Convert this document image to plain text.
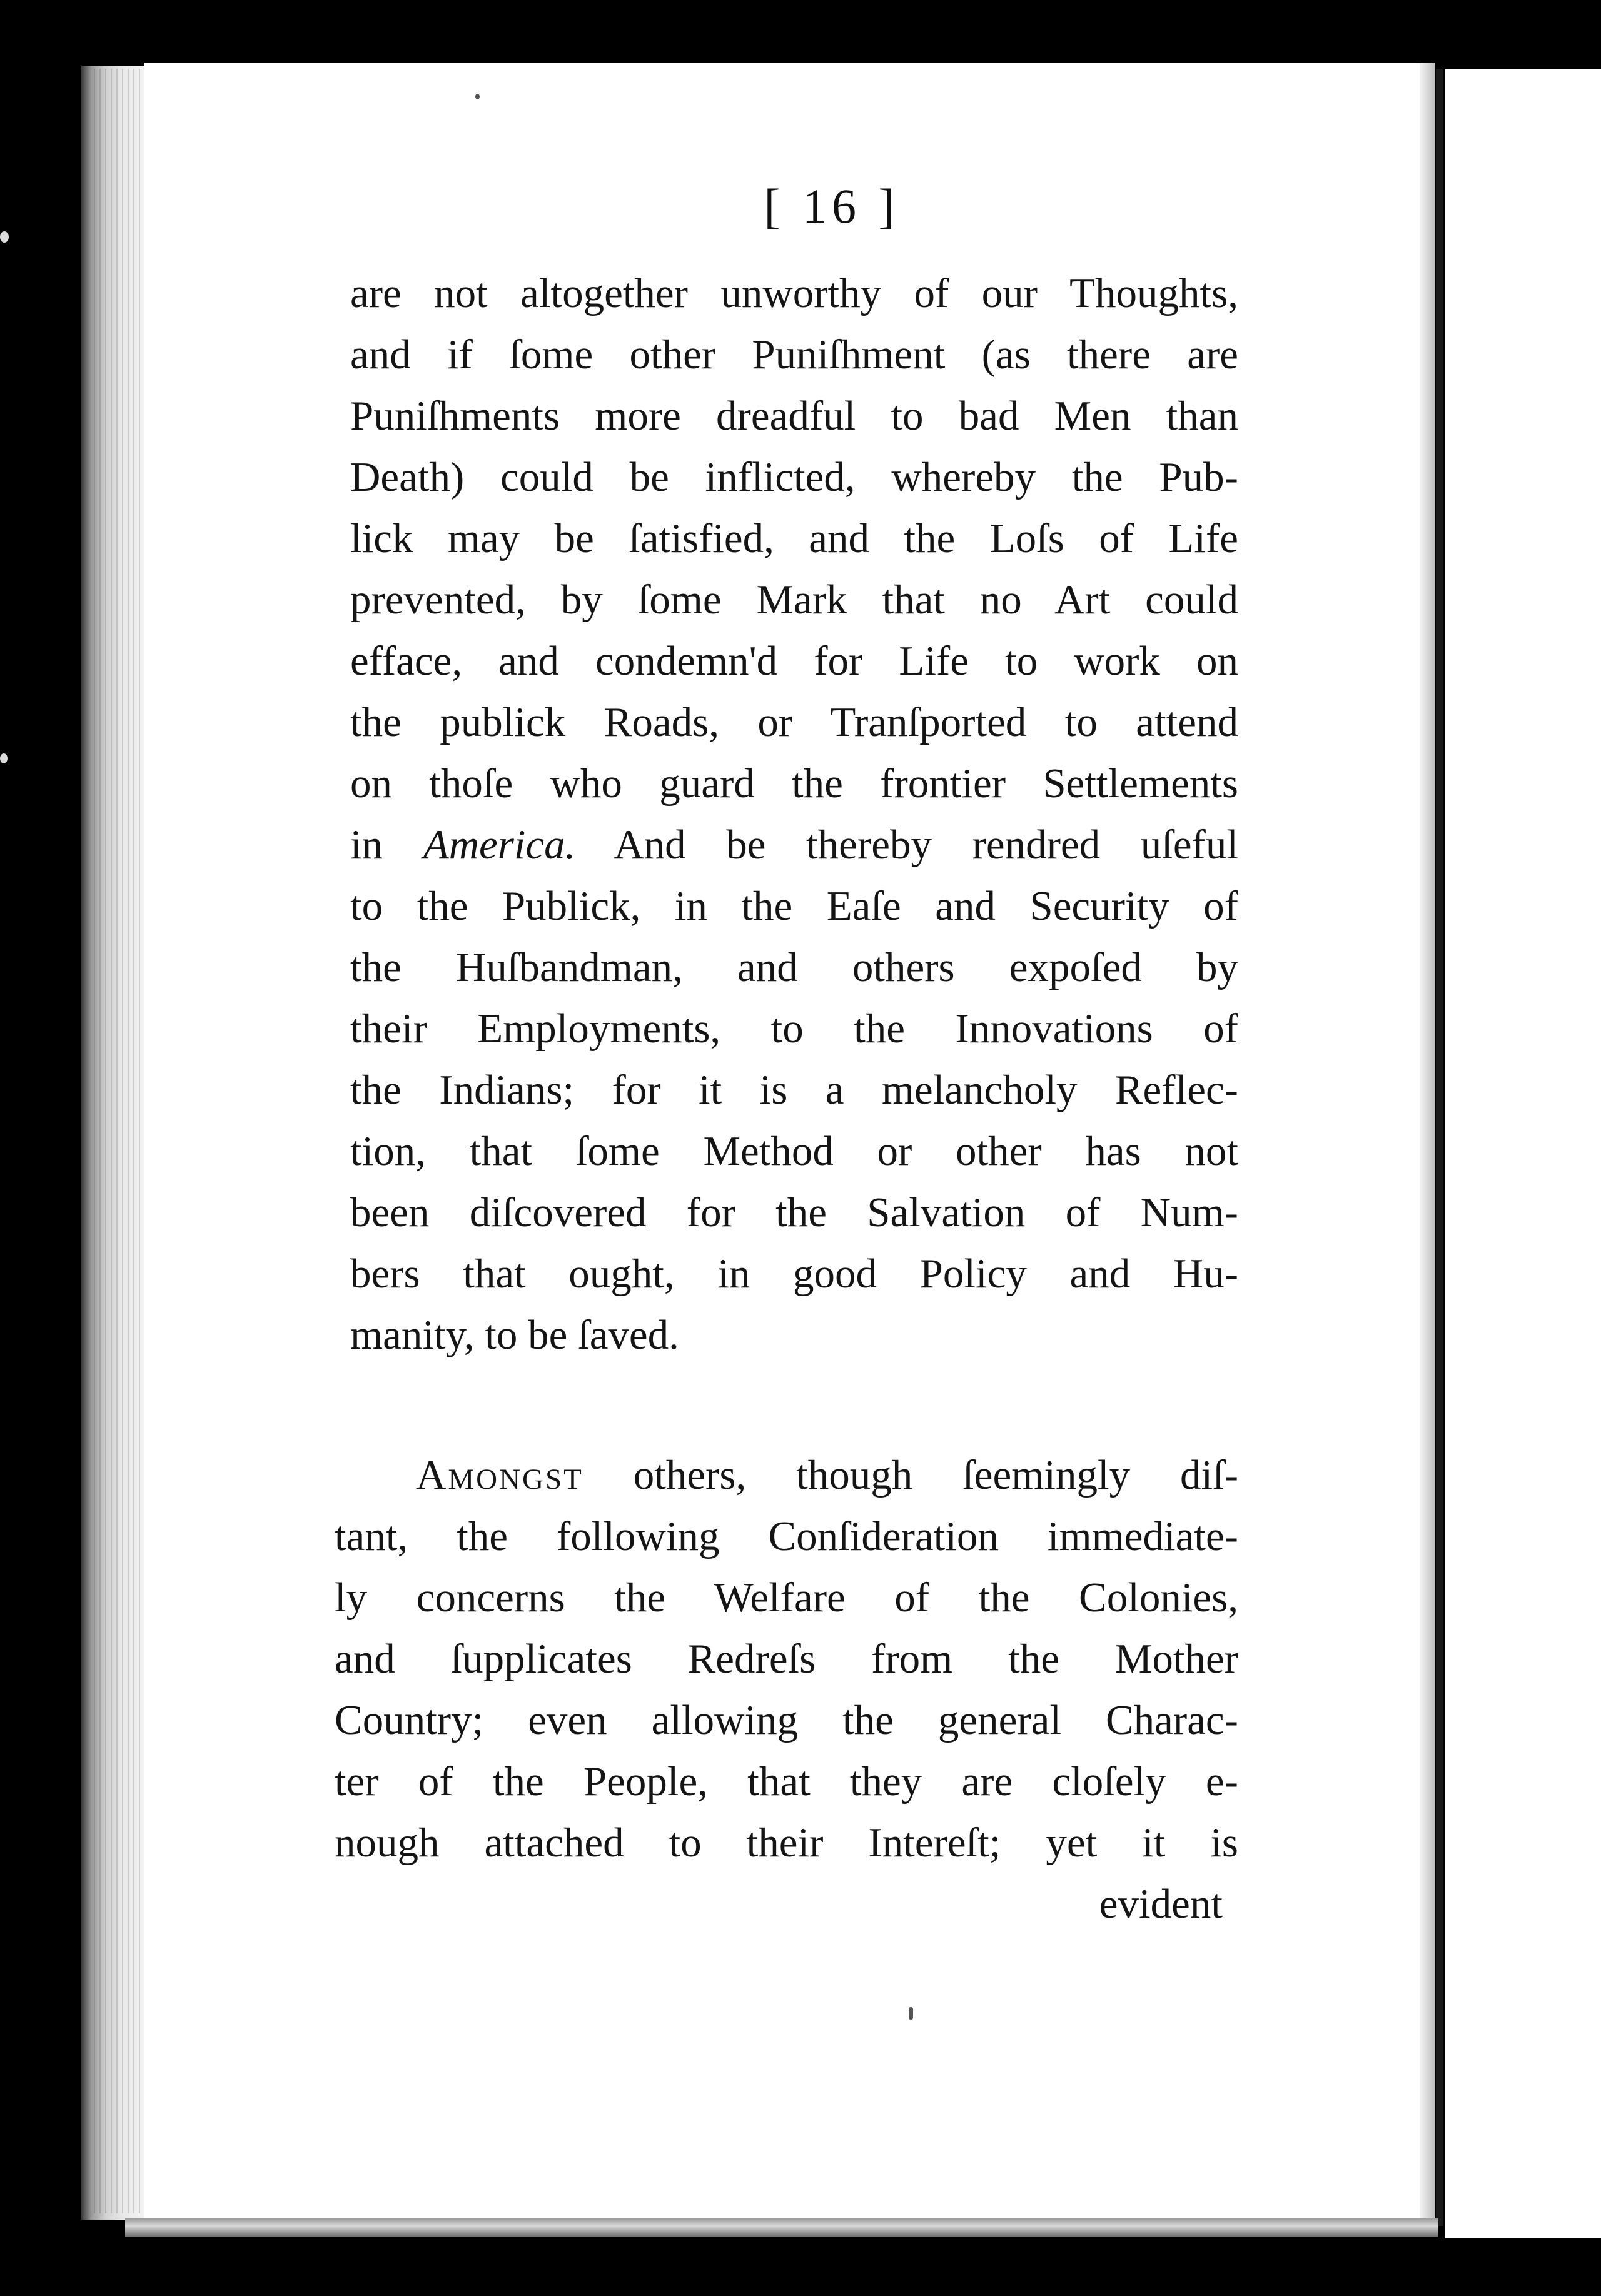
[ 16 ]
are not altogether unworthy of our Thoughts,
and if ſome other Puniſhment (as there are
Puniſhments more dreadful to bad Men than
Death) could be inflicted, whereby the Pub-
lick may be ſatisfied, and the Loſs of Life
prevented, by ſome Mark that no Art could
efface, and condemn'd for Life to work on
the publick Roads, or Tranſported to attend
on thoſe who guard the frontier Settlements
in America. And be thereby rendred uſeful
to the Publick, in the Eaſe and Security of
the Huſbandman, and others expoſed by
their Employments, to the Innovations of
the Indians; for it is a melancholy Reflec-
tion, that ſome Method or other has not
been diſcovered for the Salvation of Num-
bers that ought, in good Policy and Hu-
manity, to be ſaved.
Amongst others, though ſeemingly diſ-
tant, the following Conſideration immediate-
ly concerns the Welfare of the Colonies,
and ſupplicates Redreſs from the Mother
Country; even allowing the general Charac-
ter of the People, that they are cloſely e-
nough attached to their Intereſt; yet it is
evident
